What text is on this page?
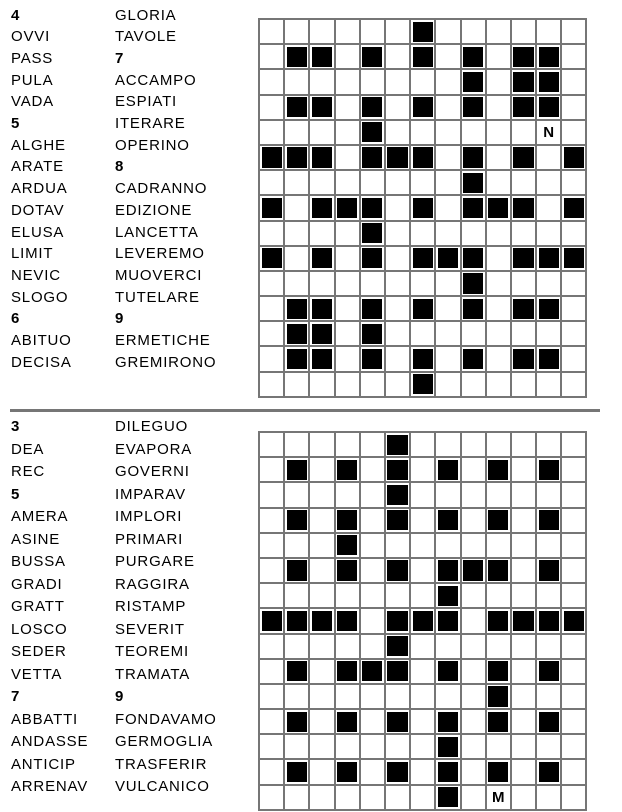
4
OVVI
PASS
PULA
VADA
5
ALGHE
ARATE
ARDUA
DOTAV
ELUSA
LIMIT
NEVIC
SLOGO
6
ABITUO
DECISA
GLORIA
TAVOLE
7
ACCAMPO
ESPIATI
ITERARE
OPERINO
8
CADRANNO
EDIZIONE
LANCETTA
LEVEREMO
MUOVERCI
TUTELARE
9
ERMETICHE
GREMIRONO
N
3
DEA
REC
5
AMERA
ASINE
BUSSA
GRADI
GRATT
LOSCO
SEDER
VETTA
7
ABBATTI
ANDASSE
ANTICIP
ARRENAV
DILEGUO
EVAPORA
GOVERNI
IMPARAV
IMPLORI
PRIMARI
PURGARE
RAGGIRA
RISTAMP
SEVERIT
TEOREMI
TRAMATA
9
FONDAVAMO
GERMOGLIA
TRASFERIR
VULCANICO
M
